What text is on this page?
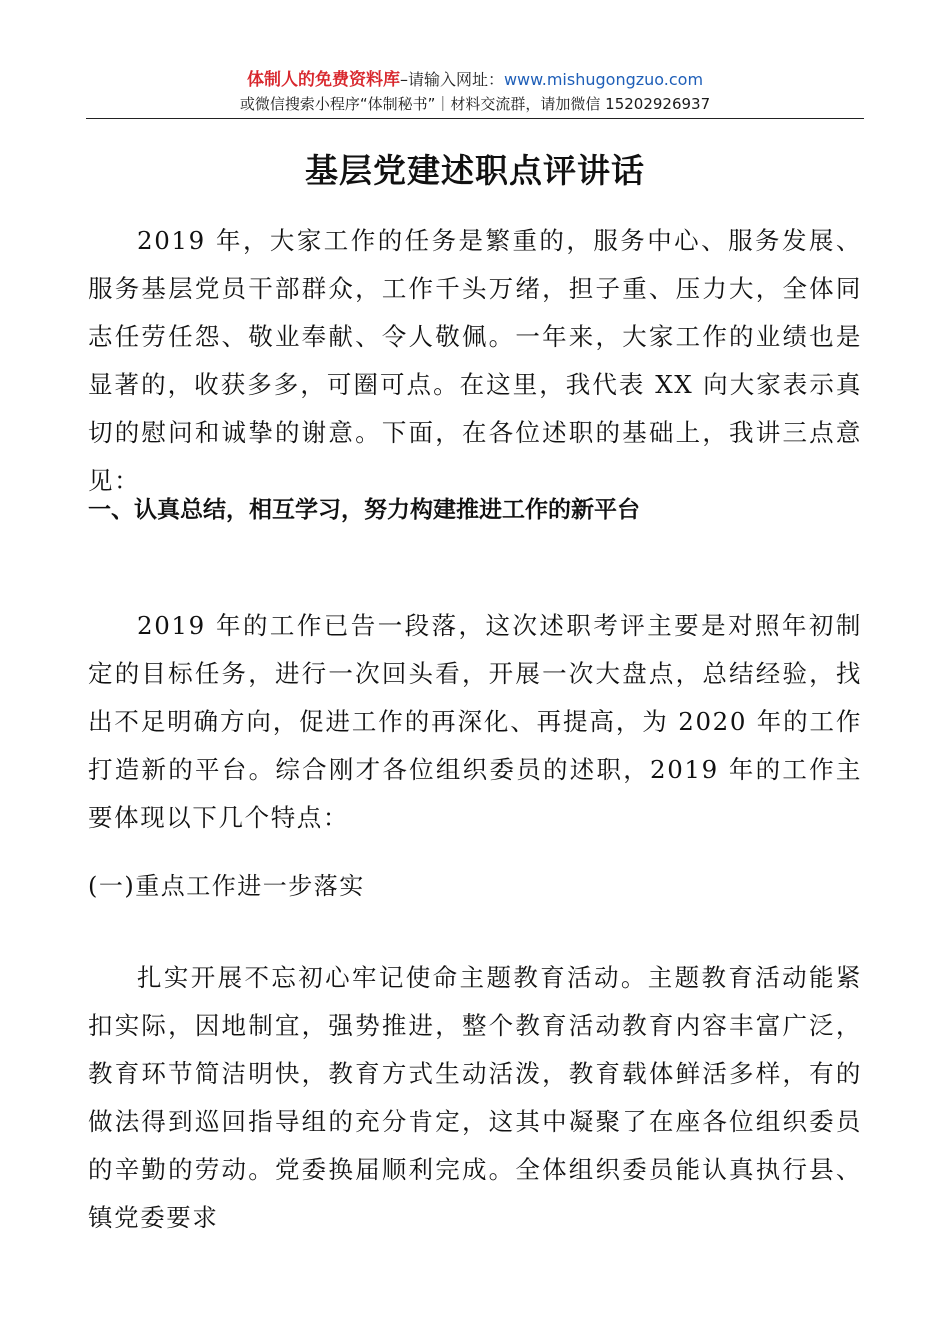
体制人的免费资料库–请输入网址：www.mishugongzuo.com
或微信搜索小程序“体制秘书”｜材料交流群，请加微信 15202926937
基层党建述职点评讲话
2019 年，大家工作的任务是繁重的，服务中心、服务发展、服务基层党员干部群众，工作千头万绪，担子重、压力大，全体同志任劳任怨、敬业奉献、令人敬佩。一年来，大家工作的业绩也是显著的，收获多多，可圈可点。在这里，我代表 XX 向大家表示真切的慰问和诚挚的谢意。下面，在各位述职的基础上，我讲三点意见：
一、认真总结，相互学习，努力构建推进工作的新平台
2019 年的工作已告一段落，这次述职考评主要是对照年初制定的目标任务，进行一次回头看，开展一次大盘点，总结经验，找出不足明确方向，促进工作的再深化、再提高，为 2020 年的工作打造新的平台。综合刚才各位组织委员的述职，2019 年的工作主要体现以下几个特点：
(一)重点工作进一步落实
扎实开展不忘初心牢记使命主题教育活动。主题教育活动能紧扣实际，因地制宜，强势推进，整个教育活动教育内容丰富广泛，教育环节简洁明快，教育方式生动活泼，教育载体鲜活多样，有的做法得到巡回指导组的充分肯定，这其中凝聚了在座各位组织委员的辛勤的劳动。党委换届顺利完成。全体组织委员能认真执行县、镇党委要求
